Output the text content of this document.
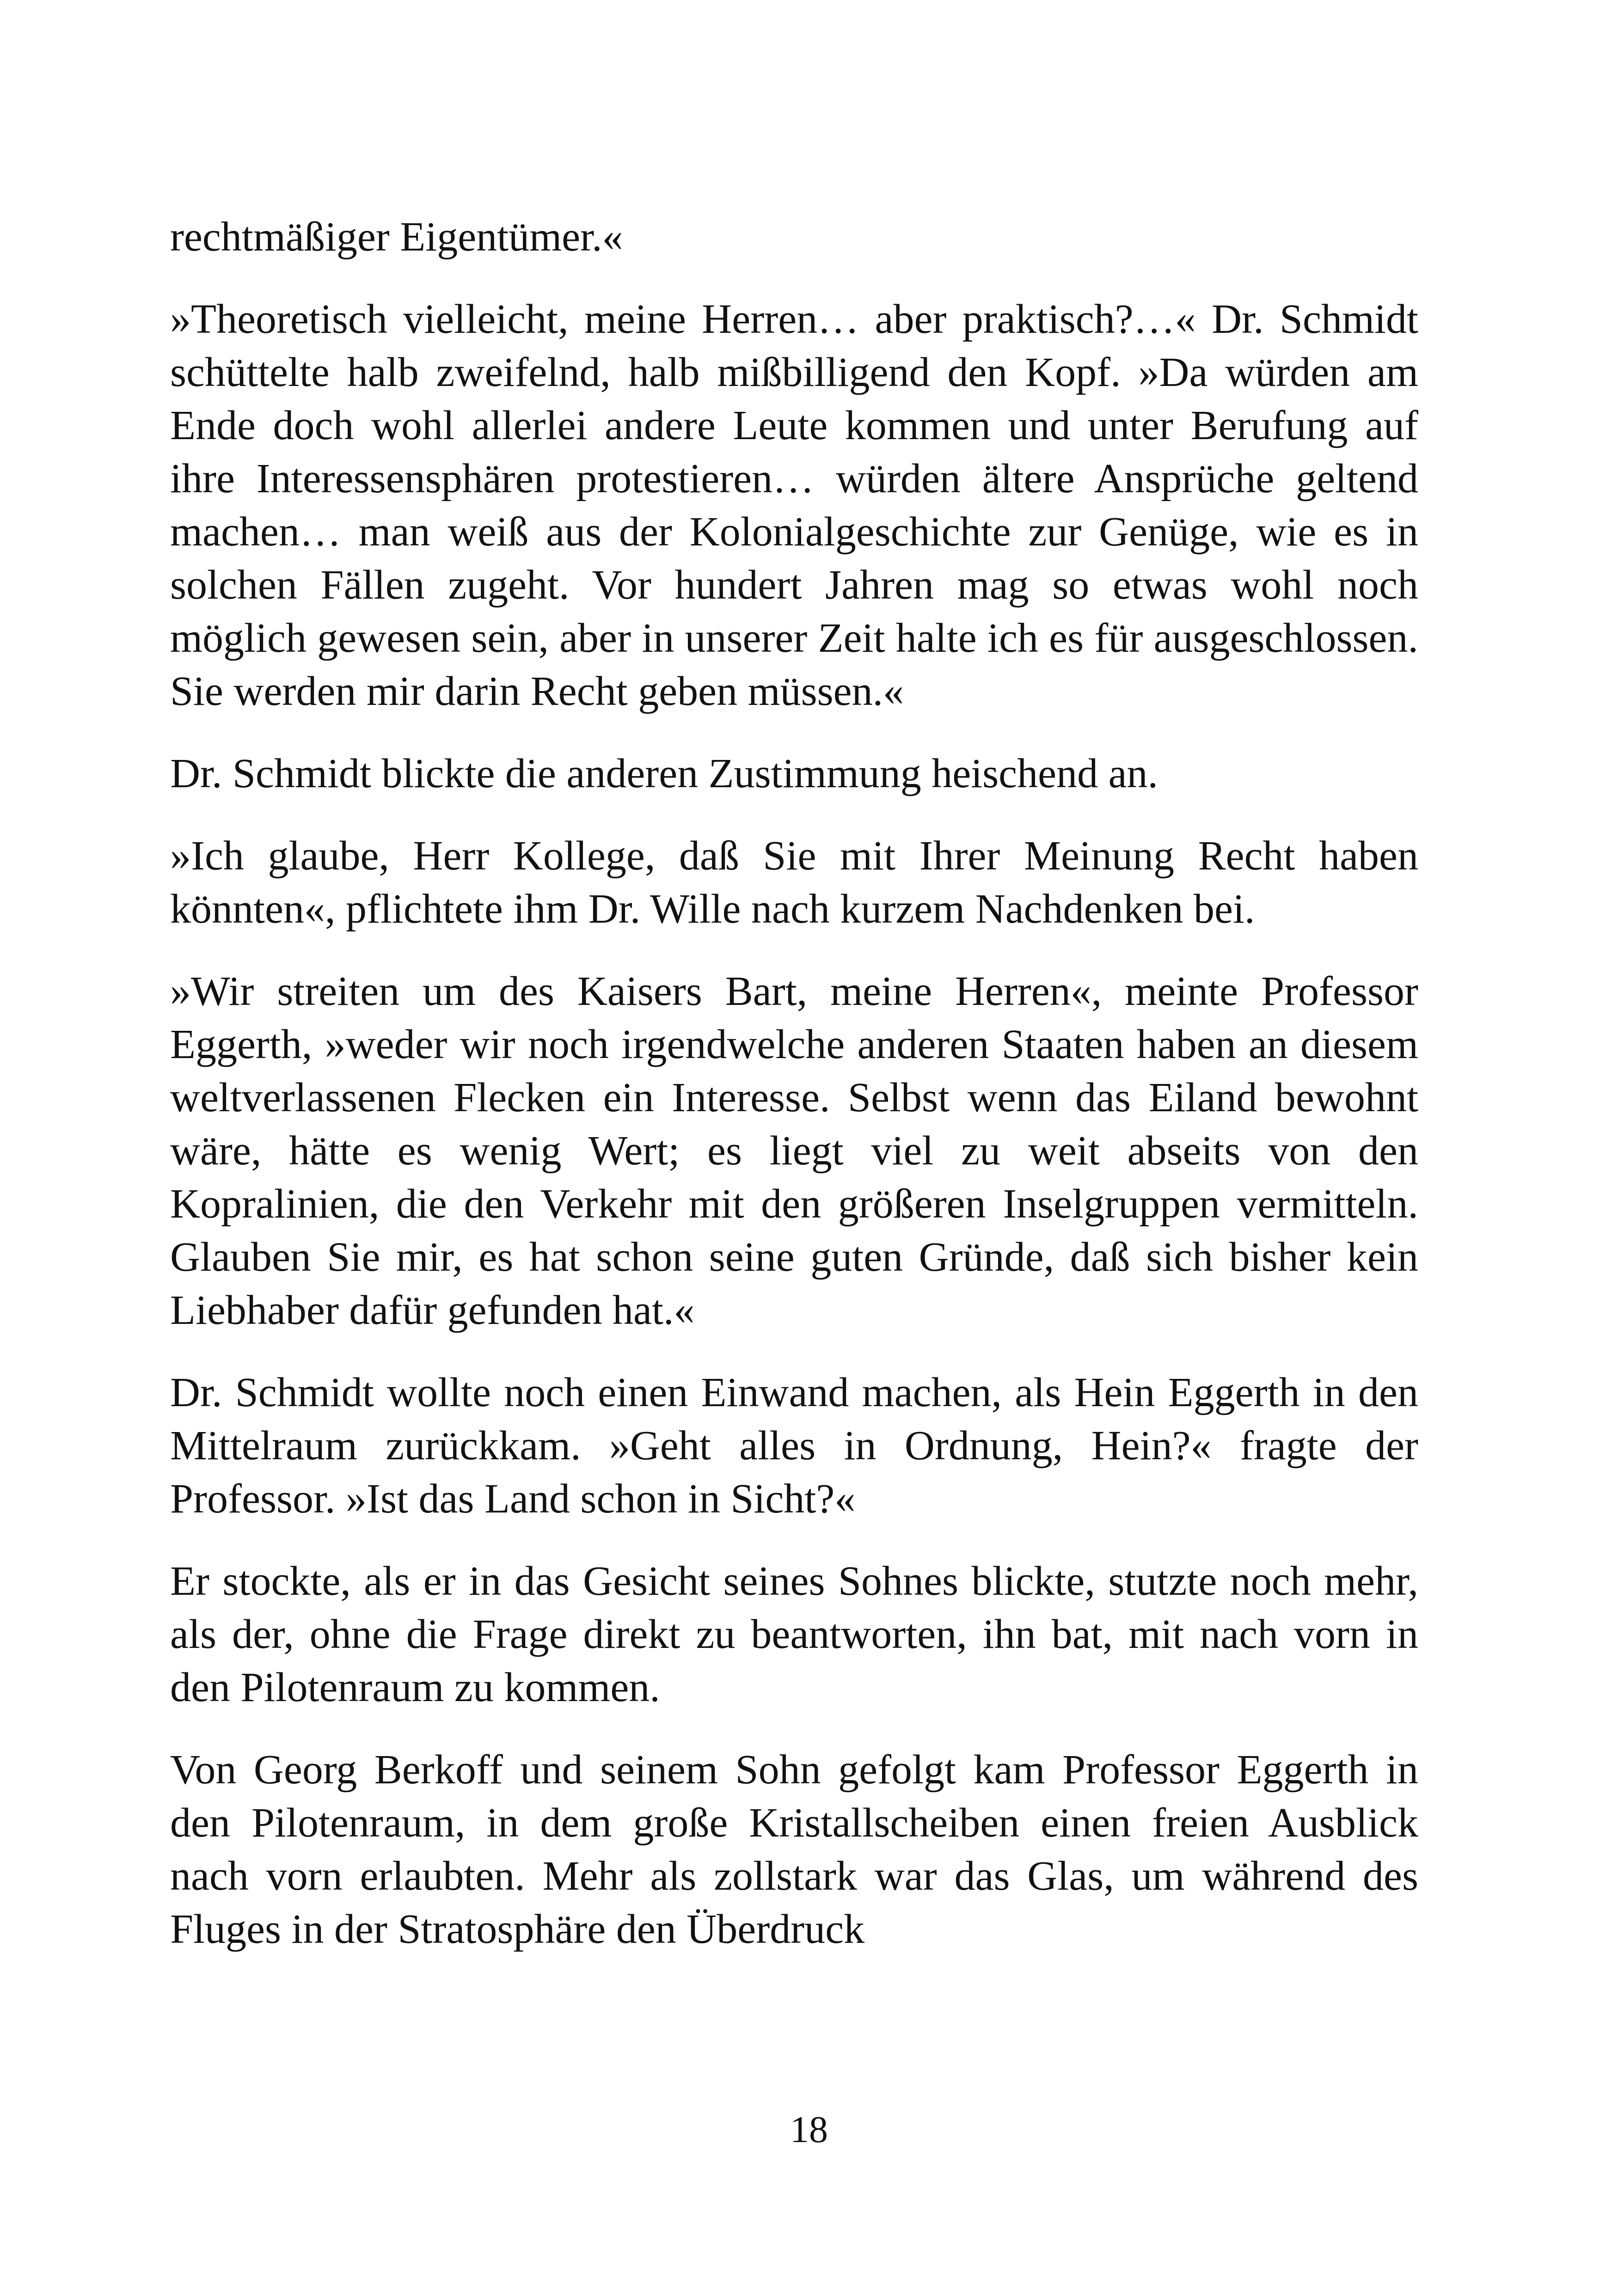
rechtmäßiger Eigentümer.«

»Theoretisch vielleicht, meine Herren… aber praktisch?…« Dr. Schmidt schüttelte halb zweifelnd, halb mißbilligend den Kopf. »Da würden am Ende doch wohl allerlei andere Leute kommen und unter Berufung auf ihre Interessensphären protestieren… würden ältere Ansprüche geltend machen… man weiß aus der Kolonialgeschichte zur Genüge, wie es in solchen Fällen zugeht. Vor hundert Jahren mag so etwas wohl noch möglich gewesen sein, aber in unserer Zeit halte ich es für ausgeschlossen. Sie werden mir darin Recht geben müssen.«

Dr. Schmidt blickte die anderen Zustimmung heischend an.

»Ich glaube, Herr Kollege, daß Sie mit Ihrer Meinung Recht haben könnten«, pflichtete ihm Dr. Wille nach kurzem Nachdenken bei.

»Wir streiten um des Kaisers Bart, meine Herren«, meinte Professor Eggerth, »weder wir noch irgendwelche anderen Staaten haben an diesem weltverlassenen Flecken ein Interesse. Selbst wenn das Eiland bewohnt wäre, hätte es wenig Wert; es liegt viel zu weit abseits von den Kopralinien, die den Verkehr mit den größeren Inselgruppen vermitteln. Glauben Sie mir, es hat schon seine guten Gründe, daß sich bisher kein Liebhaber dafür gefunden hat.«

Dr. Schmidt wollte noch einen Einwand machen, als Hein Eggerth in den Mittelraum zurückkam. »Geht alles in Ordnung, Hein?« fragte der Professor. »Ist das Land schon in Sicht?«

Er stockte, als er in das Gesicht seines Sohnes blickte, stutzte noch mehr, als der, ohne die Frage direkt zu beantworten, ihn bat, mit nach vorn in den Pilotenraum zu kommen.

Von Georg Berkoff und seinem Sohn gefolgt kam Professor Eggerth in den Pilotenraum, in dem große Kristallscheiben einen freien Ausblick nach vorn erlaubten. Mehr als zollstark war das Glas, um während des Fluges in der Stratosphäre den Überdruck

18
